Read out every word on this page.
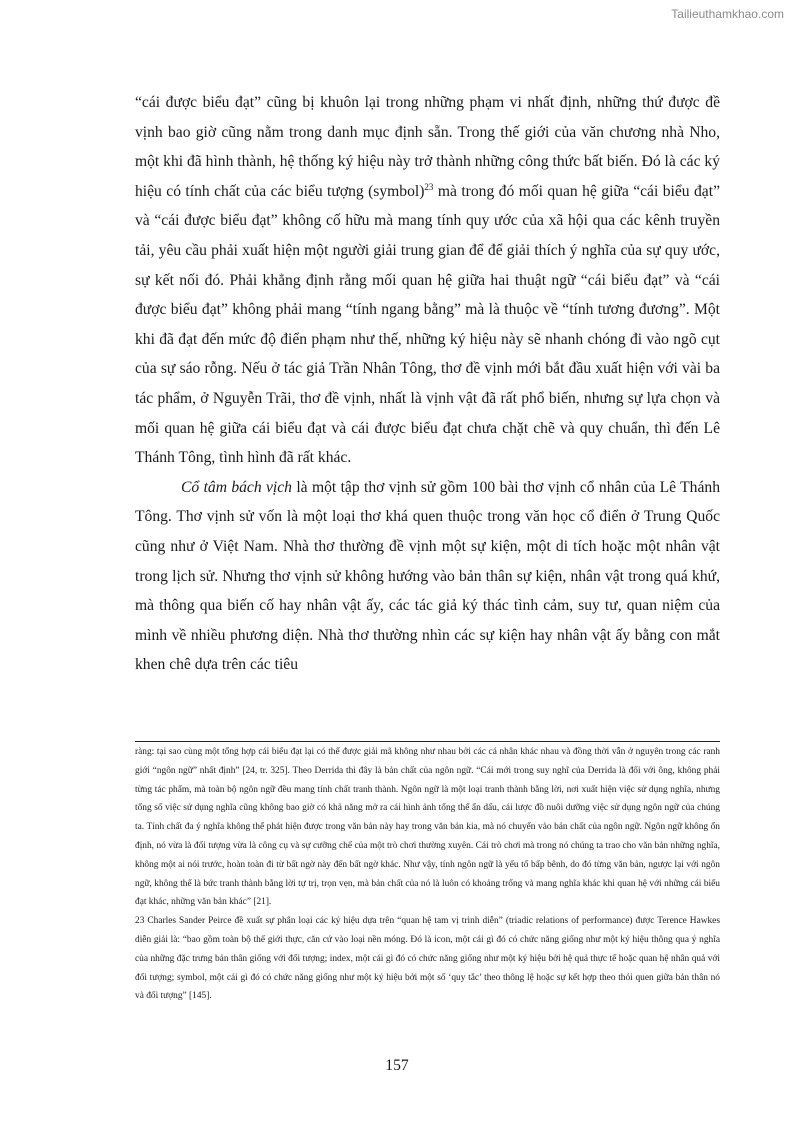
Tailieuthamkhao.com

“cái được biểu đạt” cũng bị khuôn lại trong những phạm vi nhất định, những thứ được đề vịnh bao giờ cũng nằm trong danh mục định sẵn. Trong thế giới của văn chương nhà Nho, một khi đã hình thành, hệ thống ký hiệu này trở thành những công thức bất biến. Đó là các ký hiệu có tính chất của các biểu tượng (symbol)$^{23}$ mà trong đó mối quan hệ giữa “cái biểu đạt” và “cái được biểu đạt” không cố hữu mà mang tính quy ước của xã hội qua các kênh truyền tải, yêu cầu phải xuất hiện một người giải trung gian để để giải thích ý nghĩa của sự quy ước, sự kết nối đó. Phải khẳng định rằng mối quan hệ giữa hai thuật ngữ “cái biểu đạt” và “cái được biểu đạt” không phải mang “tính ngang bằng” mà là thuộc về “tính tương đương”. Một khi đã đạt đến mức độ điển phạm như thế, những ký hiệu này sẽ nhanh chóng đi vào ngõ cụt của sự sáo rỗng. Nếu ở tác giả Trần Nhân Tông, thơ đề vịnh mới bắt đầu xuất hiện với vài ba tác phẩm, ở Nguyễn Trãi, thơ đề vịnh, nhất là vịnh vật đã rất phổ biến, nhưng sự lựa chọn và mối quan hệ giữa cái biểu đạt và cái được biểu đạt chưa chặt chẽ và quy chuẩn, thì đến Lê Thánh Tông, tình hình đã rất khác.

Cổ tâm bách vịch là một tập thơ vịnh sử gồm 100 bài thơ vịnh cổ nhân của Lê Thánh Tông. Thơ vịnh sử vốn là một loại thơ khá quen thuộc trong văn học cổ điển ở Trung Quốc cũng như ở Việt Nam. Nhà thơ thường đề vịnh một sự kiện, một di tích hoặc một nhân vật trong lịch sử. Nhưng thơ vịnh sử không hướng vào bản thân sự kiện, nhân vật trong quá khứ, mà thông qua biến cố hay nhân vật ấy, các tác giả ký thác tình cảm, suy tư, quan niệm của mình về nhiều phương diện. Nhà thơ thường nhìn các sự kiện hay nhân vật ấy bằng con mắt khen chê dựa trên các tiêu

ràng: tại sao cùng một tổng hợp cái biểu đạt lại có thể được giải mã không như nhau bởi các cá nhân khác nhau và đồng thời vẫn ở nguyên trong các ranh giới “ngôn ngữ” nhất định” [24, tr. 325]. Theo Derrida thì đây là bản chất của ngôn ngữ. “Cái mới trong suy nghĩ của Derrida là đối với ông, không phải từng tác phẩm, mà toàn bộ ngôn ngữ đều mang tính chất tranh thành. Ngôn ngữ là một loại tranh thành bằng lời, nơi xuất hiện việc sử dụng nghĩa, nhưng tổng số việc sử dụng nghĩa cũng không bao giờ có khả năng mở ra cái hình ảnh tổng thể ẩn dấu, cái lược đồ nuôi dưỡng việc sử dụng ngôn ngữ của chúng ta. Tính chất đa ý nghĩa không thể phát hiện được trong văn bản này hay trong văn bản kia, mà nó chuyển vào bản chất của ngôn ngữ. Ngôn ngữ không ổn định, nó vừa là đối tượng vừa là công cụ và sự cưỡng chế của một trò chơi thường xuyên. Cái trò chơi mà trong nó chúng ta trao cho văn bản những nghĩa, không một ai nói trước, hoàn toàn đi từ bất ngờ này đến bất ngờ khác. Như vậy, tính ngôn ngữ là yếu tố bấp bênh, do đó từng văn bản, ngược lại với ngôn ngữ, không thể là bức tranh thành bằng lời tự trị, trọn vẹn, mà bản chất của nó là luôn có khoảng trống và mang nghĩa khác khi quan hệ với những cái biểu đạt khác, những văn bản khác” [21].

23 Charles Sander Peirce đề xuất sự phân loại các ký hiệu dựa trên “quan hệ tam vị trình diễn” (triadic relations of performance) được Terence Hawkes diễn giải là: “bao gồm toàn bộ thế giới thực, căn cứ vào loại nền móng. Đó là icon, một cái gì đó có chức năng giống như một ký hiệu thông qua ý nghĩa của những đặc trưng bản thân giống với đối tượng; index, một cái gì đó có chức năng giống như một ký hiệu bởi hệ quả thực tế hoặc quan hệ nhân quả với đối tượng; symbol, một cái gì đó có chức năng giống như một ký hiệu bởi một số ‘quy tắc’ theo thông lệ hoặc sự kết hợp theo thói quen giữa bản thân nó và đối tượng” [145].

157
